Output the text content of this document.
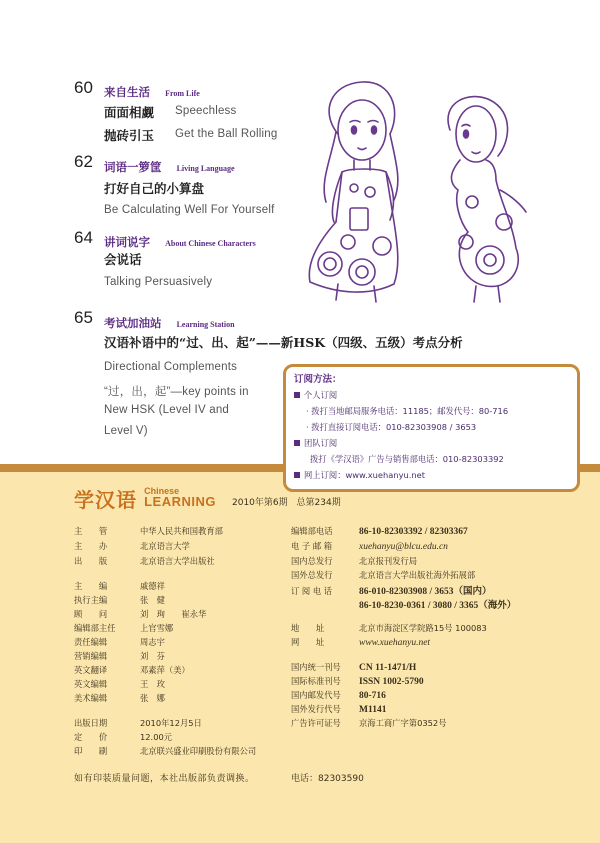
60 来自生活 From Life
面面相觑 Speechless
抛砖引玉 Get the Ball Rolling
62 词语一箩筐 Living Language
打好自己的小算盘
Be Calculating Well For Yourself
64 讲词说字 About Chinese Characters
会说话
Talking Persuasively
65 考试加油站 Learning Station
汉语补语中的“过、出、起”——新HSK（四级、五级）考点分析
Directional Complements
“过，出，起”—key points in
New HSK (Level IV and
Level V)
订阅方法：
个人订阅
· 拨打当地邮局服务电话：11185；邮发代号：80-716
· 拨打直接订阅电话：010-82303908 / 3653
团队订阅
拨打《学汉语》广告与销售部电话：010-82303392
网上订阅：www.xuehanyu.net
学汉语 Chinese
LEARNING 2010年第6期 总第234期
主　　管	中华人民共和国教育部
主　　办	北京语言大学
出　　版	北京语言大学出版社
主　　编	戚德祥
执行主编	张　健
顾　　问	刘　珣　　崔永华
编辑部主任	上官雪娜
责任编辑	周志宇
营销编辑	刘　芬
英文翻译	邓素萍（美）
英文编辑	王　玫
美术编辑	张　娜
出版日期	2010年12月5日
定　　价	12.00元
印　　刷	北京联兴盛业印刷股份有限公司
编辑部电话	86-10-82303392 / 82303367
电 子 邮 箱	xuehanyu@blcu.edu.cn
国内总发行	北京报刊发行局
国外总发行	北京语言大学出版社海外拓展部
订 阅 电 话	86-010-82303908 / 3653（国内）
86-10-8230-0361 / 3080 / 3365（海外）
地　　址	北京市海淀区学院路15号 100083
网　　址	www.xuehanyu.net
国内统一刊号 CN 11-1471/H
国际标准刊号 ISSN 1002-5790
国内邮发代号 80-716
国外发行代号 M1141
广告许可证号 京海工商广字第0352号
如有印装质量问题，本社出版部负责调换。	电话：82303590
